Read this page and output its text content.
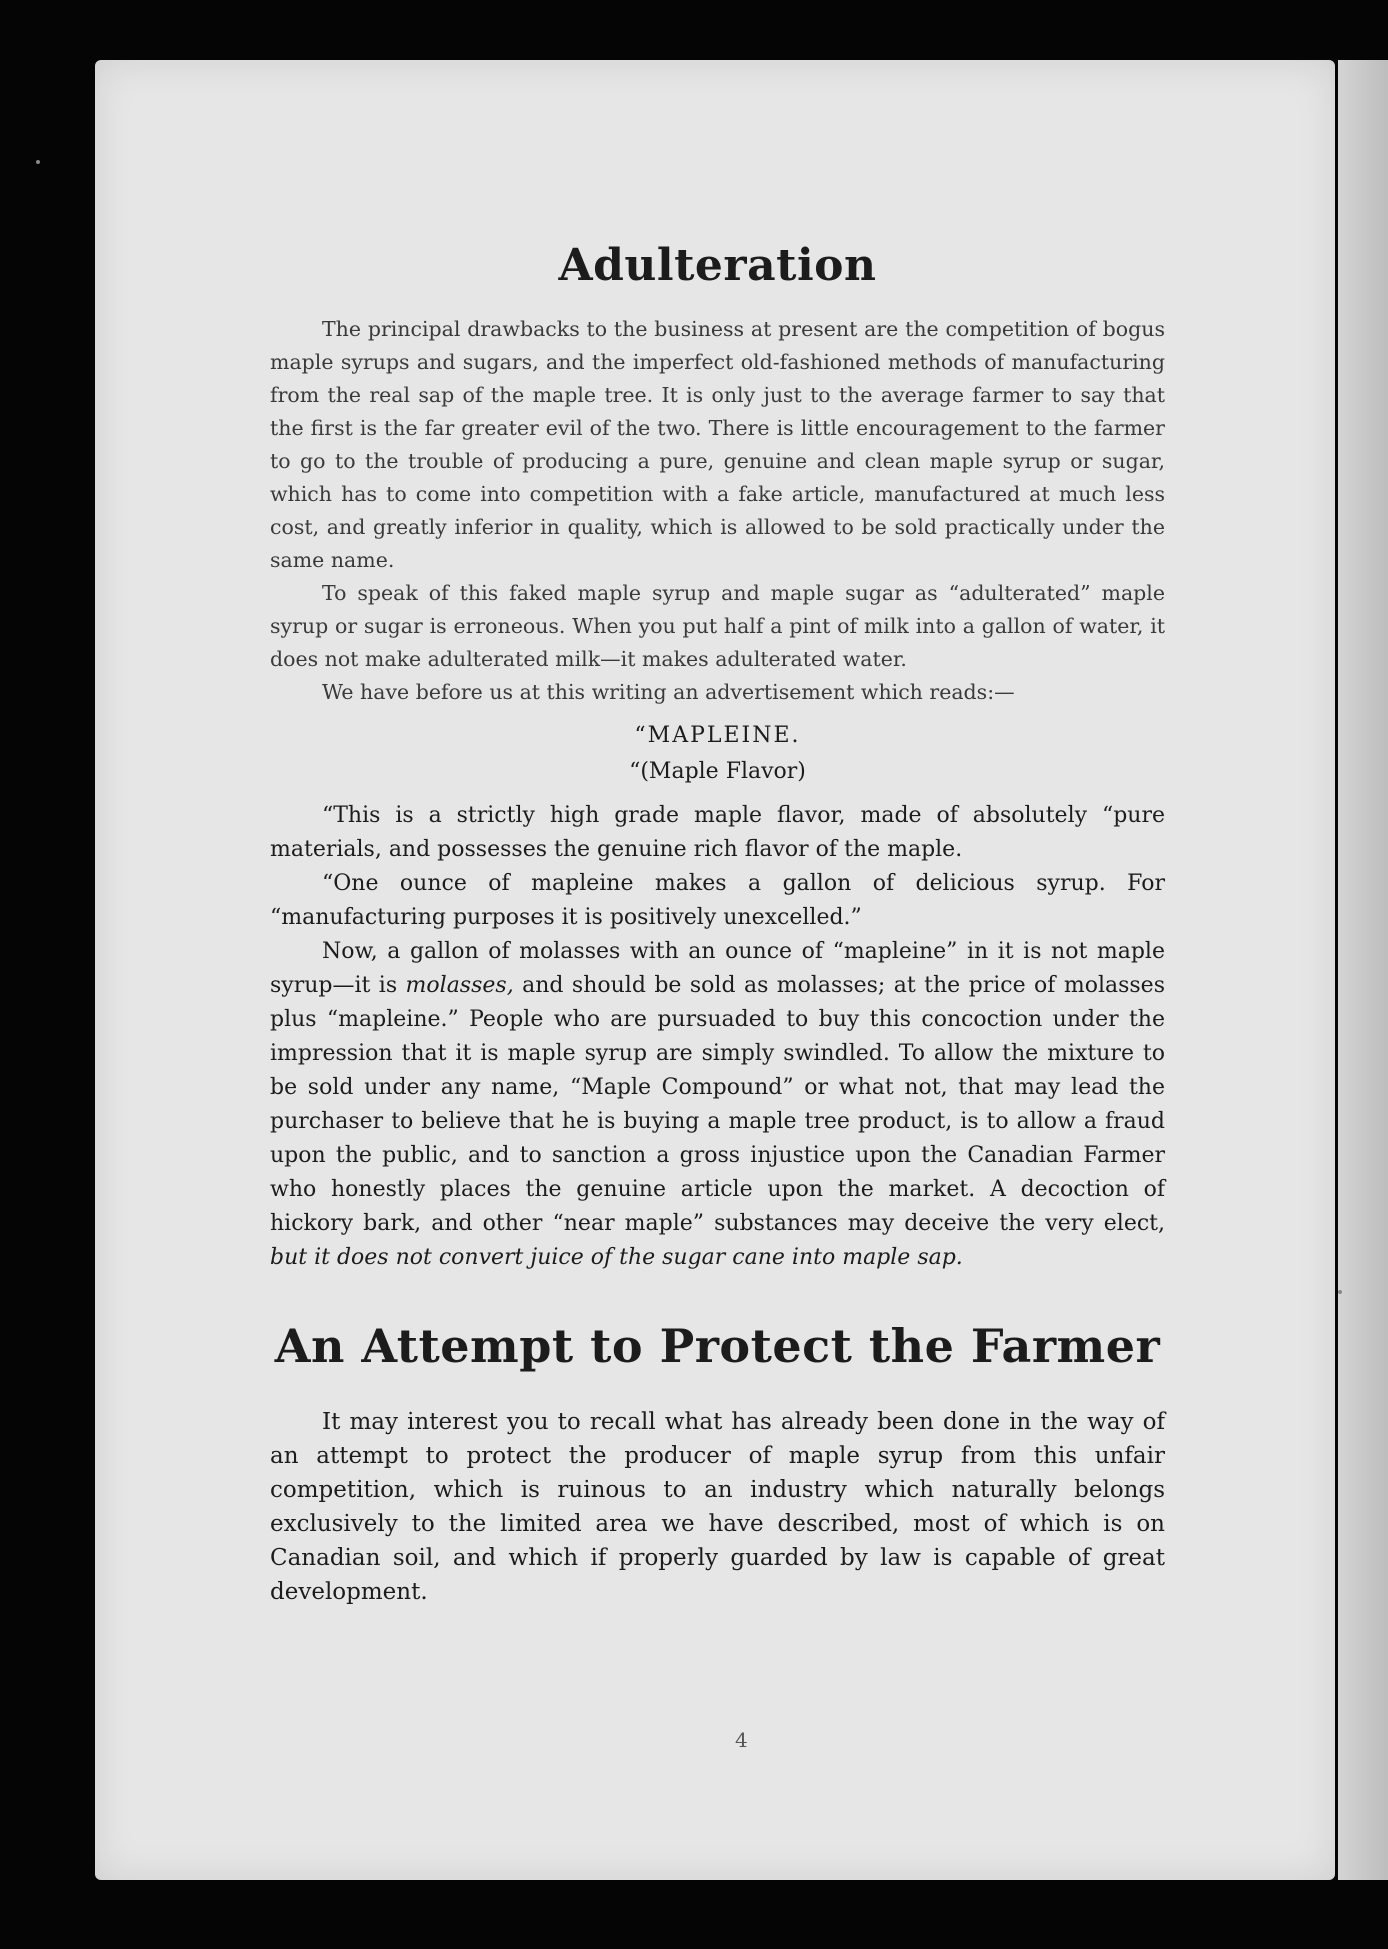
Adulteration

The principal drawbacks to the business at present are the competition of bogus maple syrups and sugars, and the imperfect old-fashioned methods of manufacturing from the real sap of the maple tree. It is only just to the average farmer to say that the first is the far greater evil of the two. There is little encouragement to the farmer to go to the trouble of producing a pure, genuine and clean maple syrup or sugar, which has to come into competition with a fake article, manufactured at much less cost, and greatly inferior in quality, which is allowed to be sold practically under the same name.

To speak of this faked maple syrup and maple sugar as “adulterated” maple syrup or sugar is erroneous. When you put half a pint of milk into a gallon of water, it does not make adulterated milk—it makes adulterated water.

We have before us at this writing an advertisement which reads:—

“MAPLEINE.
“(Maple Flavor)

“This is a strictly high grade maple flavor, made of absolutely “pure materials, and possesses the genuine rich flavor of the maple.

“One ounce of mapleine makes a gallon of delicious syrup. For “manufacturing purposes it is positively unexcelled.”

Now, a gallon of molasses with an ounce of “mapleine” in it is not maple syrup—it is molasses, and should be sold as molasses; at the price of molasses plus “mapleine.” People who are pursuaded to buy this concoction under the impression that it is maple syrup are simply swindled. To allow the mixture to be sold under any name, “Maple Compound” or what not, that may lead the purchaser to believe that he is buying a maple tree product, is to allow a fraud upon the public, and to sanction a gross injustice upon the Canadian Farmer who honestly places the genuine article upon the market. A decoction of hickory bark, and other “near maple” substances may deceive the very elect, but it does not convert juice of the sugar cane into maple sap.

An Attempt to Protect the Farmer

It may interest you to recall what has already been done in the way of an attempt to protect the producer of maple syrup from this unfair competition, which is ruinous to an industry which naturally belongs exclusively to the limited area we have described, most of which is on Canadian soil, and which if properly guarded by law is capable of great development.

4
